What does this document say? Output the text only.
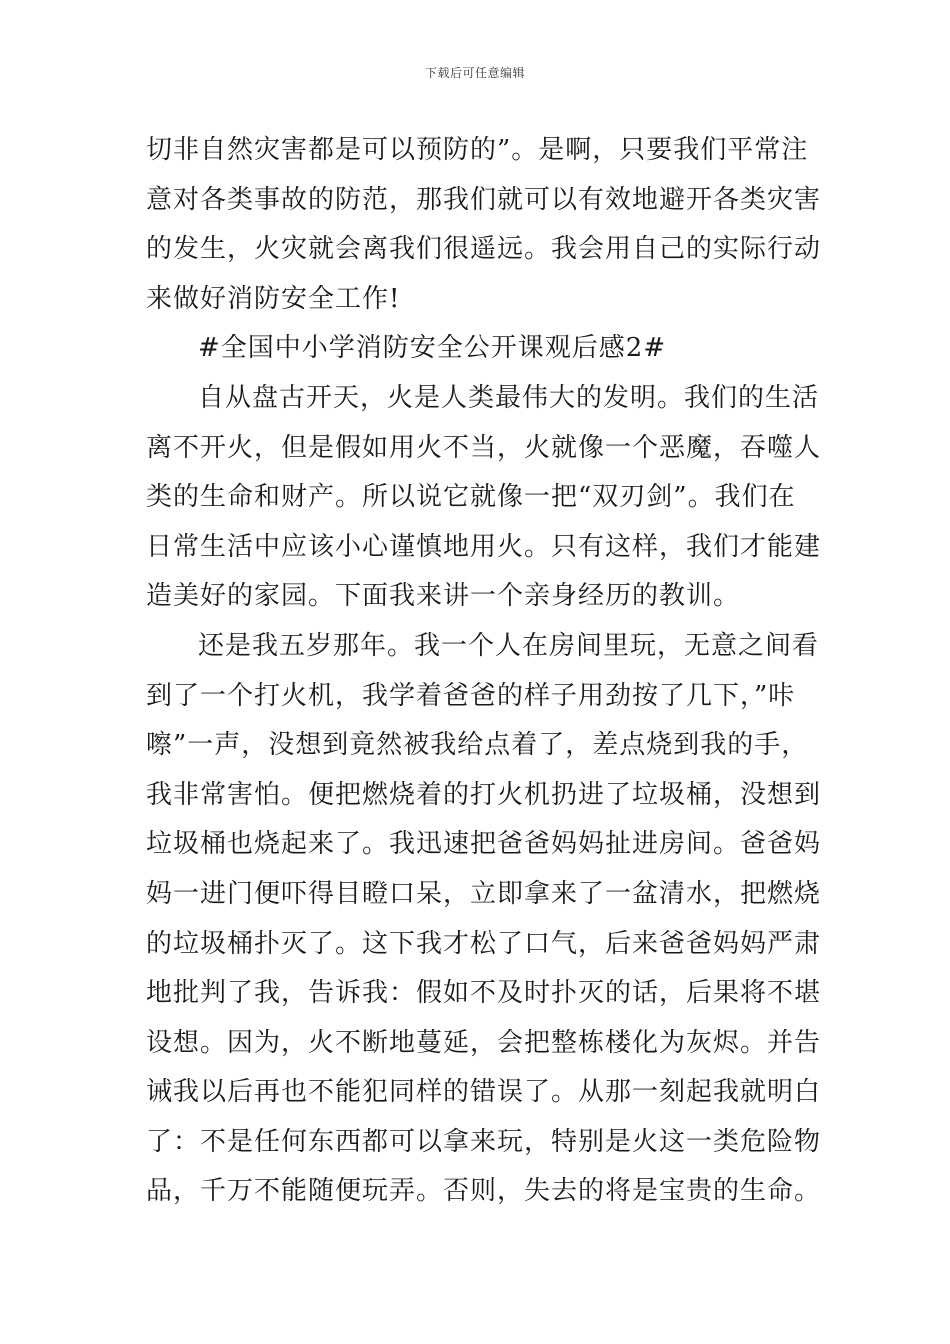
下载后可任意编辑
切非自然灾害都是可以预防的”。是啊，只要我们平常注
意对各类事故的防范，那我们就可以有效地避开各类灾害
的发生，火灾就会离我们很遥远。我会用自己的实际行动
来做好消防安全工作!
#全国中小学消防安全公开课观后感2#
自从盘古开天，火是人类最伟大的发明。我们的生活
离不开火，但是假如用火不当，火就像一个恶魔，吞噬人
类的生命和财产。所以说它就像一把“双刃剑”。我们在
日常生活中应该小心谨慎地用火。只有这样，我们才能建
造美好的家园。下面我来讲一个亲身经历的教训。
还是我五岁那年。我一个人在房间里玩，无意之间看
到了一个打火机，我学着爸爸的样子用劲按了几下，”咔
嚓”一声，没想到竟然被我给点着了，差点烧到我的手，
我非常害怕。便把燃烧着的打火机扔进了垃圾桶，没想到
垃圾桶也烧起来了。我迅速把爸爸妈妈扯进房间。爸爸妈
妈一进门便吓得目瞪口呆，立即拿来了一盆清水，把燃烧
的垃圾桶扑灭了。这下我才松了口气，后来爸爸妈妈严肃
地批判了我，告诉我：假如不及时扑灭的话，后果将不堪
设想。因为，火不断地蔓延，会把整栋楼化为灰烬。并告
诫我以后再也不能犯同样的错误了。从那一刻起我就明白
了：不是任何东西都可以拿来玩，特别是火这一类危险物
品，千万不能随便玩弄。否则，失去的将是宝贵的生命。
